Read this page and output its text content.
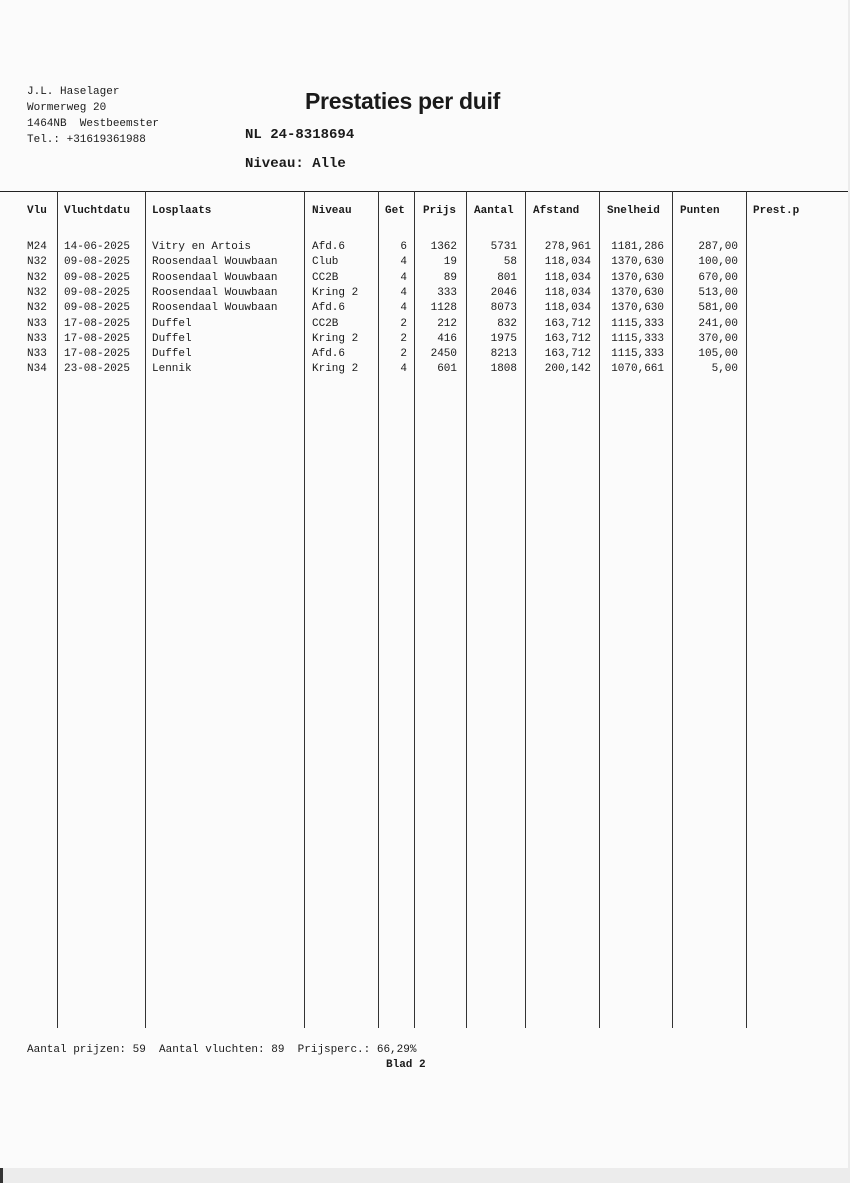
J.L. Haselager
Wormerweg 20
1464NB  Westbeemster
Tel.: +31619361988
Prestaties per duif
NL 24-8318694
Niveau: Alle
Vlu Vluchtdatu Losplaats	Niveau	Get Prijs Aantal Afstand	Snelheid Punten	Prest.p
M24 14-06-2025 Vitry en Artois	Afd.6	6 1362	5731	278,961 1181,286	287,00
N32 09-08-2025 Roosendaal Wouwbaan	Club	4	19	58	118,034 1370,630	100,00
N32 09-08-2025 Roosendaal Wouwbaan	CC2B	4	89	801	118,034 1370,630	670,00
N32 09-08-2025 Roosendaal Wouwbaan	Kring 2	4	333	2046	118,034 1370,630	513,00
N32 09-08-2025 Roosendaal Wouwbaan	Afd.6	4 1128	8073	118,034 1370,630	581,00
N33 17-08-2025 Duffel	CC2B	2	212	832	163,712 1115,333	241,00
N33 17-08-2025 Duffel	Kring 2	2	416	1975	163,712 1115,333	370,00
N33 17-08-2025 Duffel	Afd.6	2 2450	8213	163,712 1115,333	105,00
N34 23-08-2025 Lennik	Kring 2	4	601	1808	200,142 1070,661	5,00
Aantal prijzen: 59  Aantal vluchten: 89  Prijsperc.: 66,29%
Blad 2
